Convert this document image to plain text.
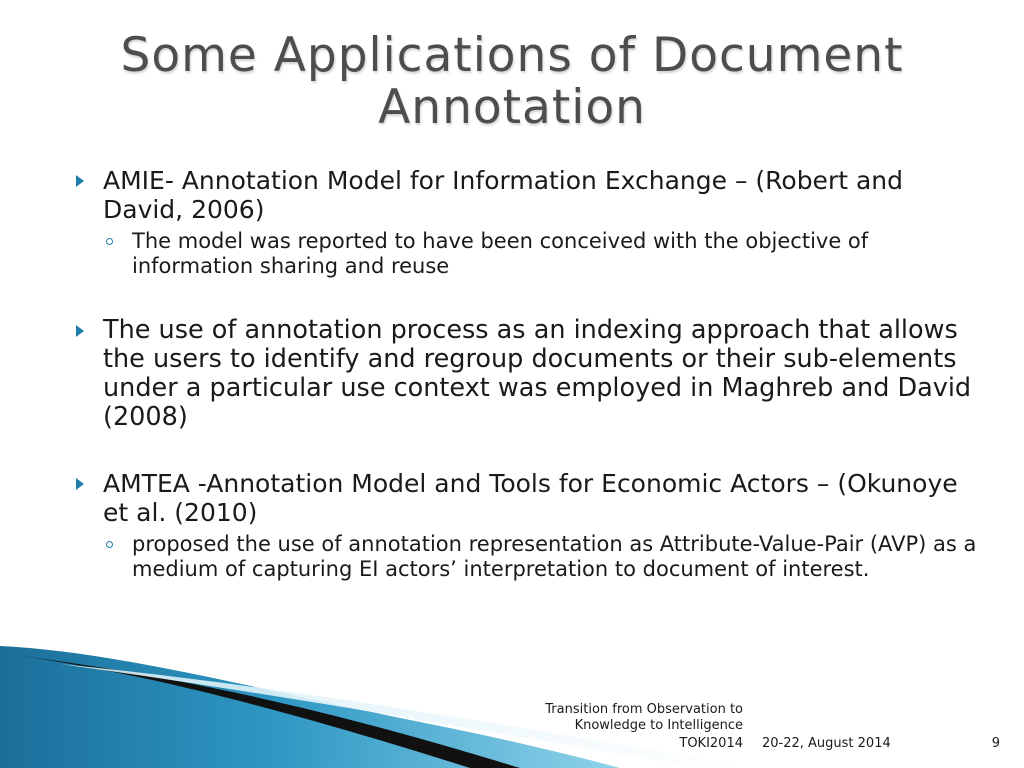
Some Applications of Document Annotation

AMIE- Annotation Model for Information Exchange – (Robert and David, 2006)

The model was reported to have been conceived with the objective of information sharing and reuse

The use of annotation process as an indexing approach that allows the users to identify and regroup documents or their sub-elements under a particular use context was employed in Maghreb and David (2008)

AMTEA -Annotation Model and Tools for Economic Actors – (Okunoye et al. (2010)

proposed the use of annotation representation as Attribute-Value-Pair (AVP) as a medium of capturing EI actors’ interpretation to document of interest.

Transition from Observation to
Knowledge to Intelligence
TOKI2014 20-22, August 2014	9
